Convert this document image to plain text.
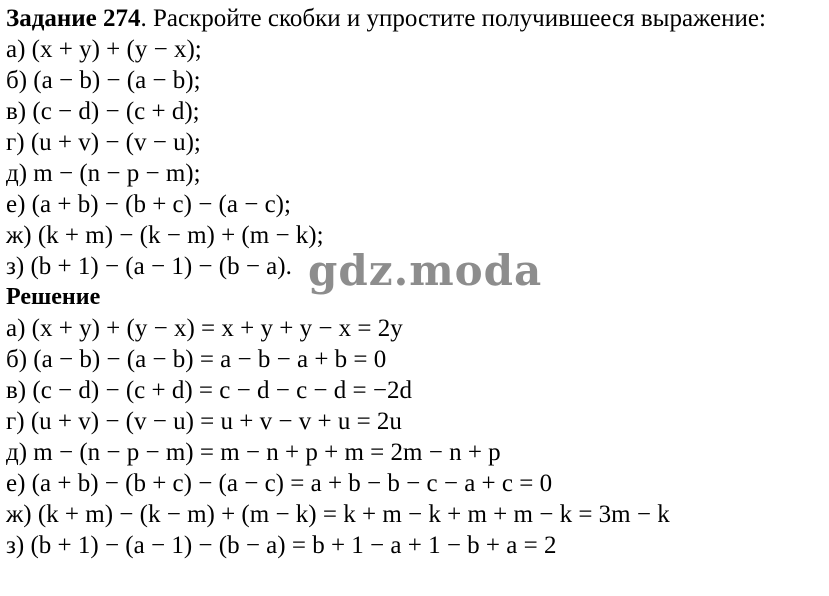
Задание 274. Раскройте скобки и упростите получившееся выражение:
а) (x + y) + (y − x);
б) (a − b) − (a − b);
в) (c − d) − (c + d);
г) (u + v) − (v − u);
д) m − (n − p − m);
е) (a + b) − (b + c) − (a − c);
ж) (k + m) − (k − m) + (m − k);
з) (b + 1) − (a − 1) − (b − a).
Решение
а) (x + y) + (y − x) = x + y + y − x = 2y
б) (a − b) − (a − b) = a − b − a + b = 0
в) (c − d) − (c + d) = c − d − c − d = −2d
г) (u + v) − (v − u) = u + v − v + u = 2u
д) m − (n − p − m) = m − n + p + m = 2m − n + p
е) (a + b) − (b + c) − (a − c) = a + b − b − c − a + c = 0
ж) (k + m) − (k − m) + (m − k) = k + m − k + m + m − k = 3m − k
з) (b + 1) − (a − 1) − (b − a) = b + 1 − a + 1 − b + a = 2
gdz.moda
